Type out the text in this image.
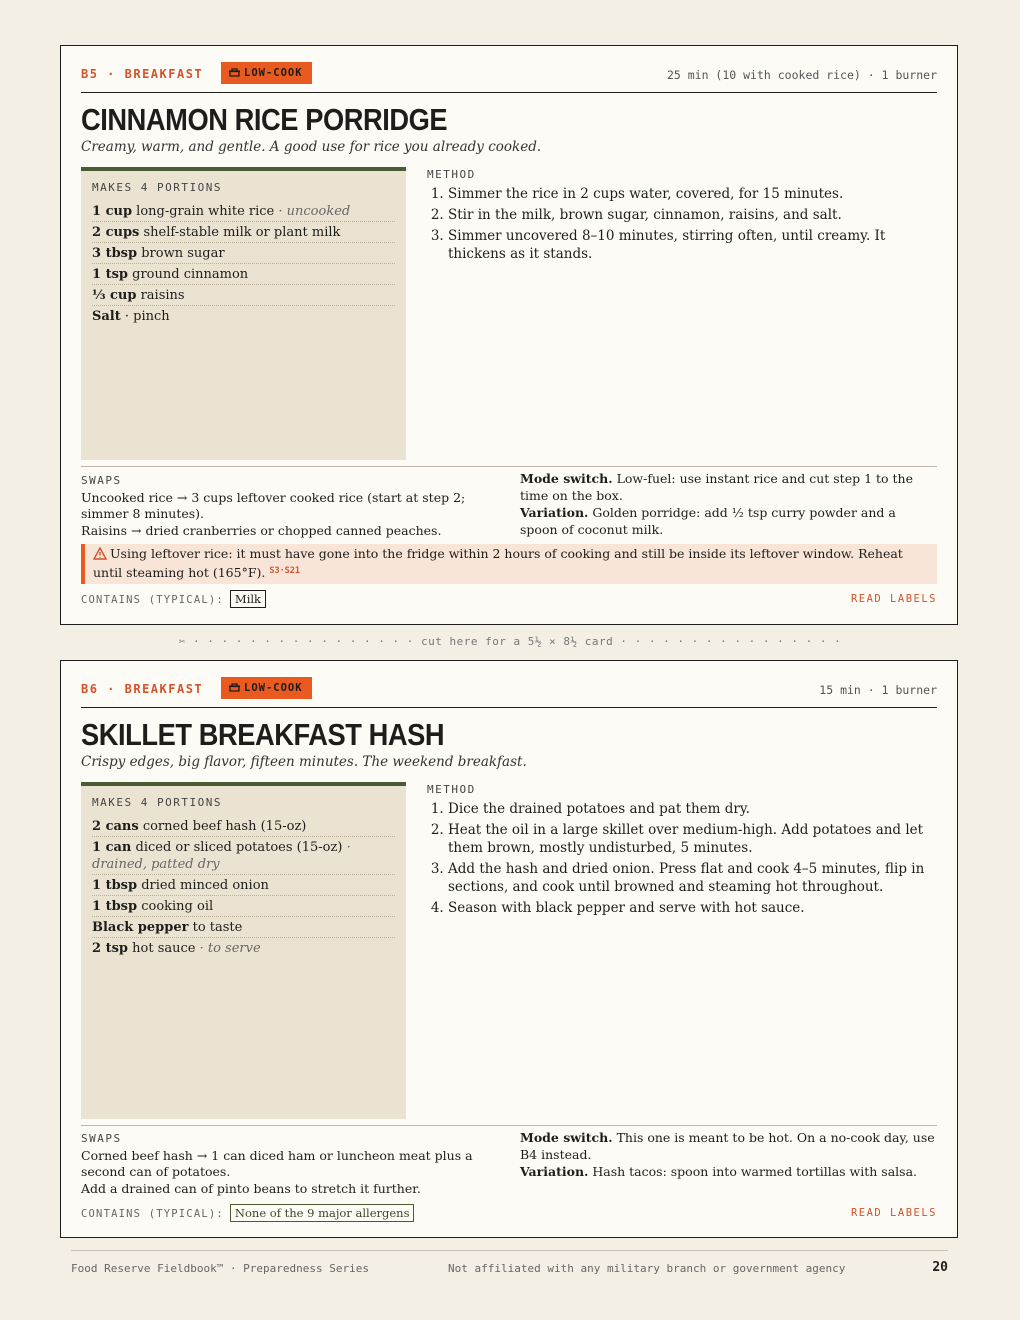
B5 · BREAKFAST	LOW-COOK	25 min (10 with cooked rice) · 1 burner
CINNAMON RICE PORRIDGE
Creamy, warm, and gentle. A good use for rice you already cooked.
MAKES 4 PORTIONS
1 cup long-grain white rice · uncooked
2 cups shelf-stable milk or plant milk
3 tbsp brown sugar
1 tsp ground cinnamon
⅓ cup raisins
Salt · pinch
METHOD
1. Simmer the rice in 2 cups water, covered, for 15 minutes.
2. Stir in the milk, brown sugar, cinnamon, raisins, and salt.
3. Simmer uncovered 8–10 minutes, stirring often, until creamy. It thickens as it stands.
SWAPS
Uncooked rice → 3 cups leftover cooked rice (start at step 2; simmer 8 minutes).
Raisins → dried cranberries or chopped canned peaches.

Mode switch. Low-fuel: use instant rice and cut step 1 to the time on the box.

Variation. Golden porridge: add ½ tsp curry powder and a spoon of coconut milk.

Using leftover rice: it must have gone into the fridge within 2 hours of cooking and still be inside its leftover window. Reheat until steaming hot (165°F). $^{S3\cdot S21}$
CONTAINS (TYPICAL): Milk	READ LABELS
✂ · · · · · · · · · · · · · · · · cut here for a 5½ × 8½ card · · · · · · · · · · · · · · · ·
B6 · BREAKFAST	LOW-COOK	15 min · 1 burner
SKILLET BREAKFAST HASH
Crispy edges, big flavor, fifteen minutes. The weekend breakfast.
MAKES 4 PORTIONS
2 cans corned beef hash (15-oz)
1 can diced or sliced potatoes (15-oz) · drained, patted dry
1 tbsp dried minced onion
1 tbsp cooking oil
Black pepper to taste
2 tsp hot sauce · to serve
METHOD
1. Dice the drained potatoes and pat them dry.
2. Heat the oil in a large skillet over medium-high. Add potatoes and let them brown, mostly undisturbed, 5 minutes.
3. Add the hash and dried onion. Press flat and cook 4–5 minutes, flip in sections, and cook until browned and steaming hot throughout.
4. Season with black pepper and serve with hot sauce.
SWAPS
Corned beef hash → 1 can diced ham or luncheon meat plus a second can of potatoes.
Add a drained can of pinto beans to stretch it further.

Mode switch. This one is meant to be hot. On a no-cook day, use B4 instead.

Variation. Hash tacos: spoon into warmed tortillas with salsa.

CONTAINS (TYPICAL): None of the 9 major allergens	READ LABELS
Food Reserve Fieldbook™ · Preparedness Series	Not affiliated with any military branch or government agency	20
